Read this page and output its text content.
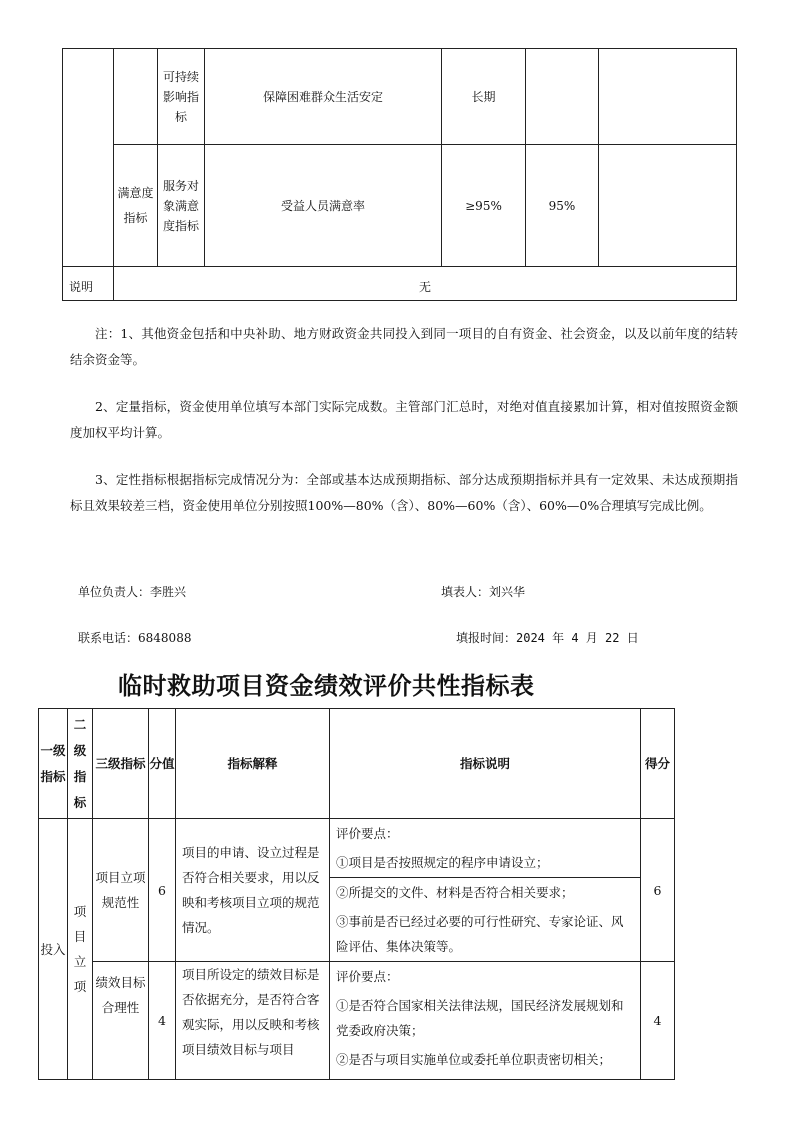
		可持续影响指标	保障困难群众生活安定	长期		
	满意度指标	服务对象满意度指标	受益人员满意率	≥95%	95%	
说明	无					
注：1、其他资金包括和中央补助、地方财政资金共同投入到同一项目的自有资金、社会资金，以及以前年度的结转结余资金等。
2、定量指标，资金使用单位填写本部门实际完成数。主管部门汇总时，对绝对值直接累加计算，相对值按照资金额度加权平均计算。
3、定性指标根据指标完成情况分为：全部或基本达成预期指标、部分达成预期指标并具有一定效果、未达成预期指标且效果较差三档，资金使用单位分别按照100%—80%（含）、80%—60%（含）、60%—0%合理填写完成比例。
单位负责人：李胜兴	填表人：刘兴华
联系电话：6848088	填报时间：2024 年 4 月 22 日
临时救助项目资金绩效评价共性指标表
一级指标	二级指标	三级指标	分值	指标解释	指标说明	得分
投入	项目立项	项目立项规范性	6	项目的申请、设立过程是否符合相关要求，用以反映和考核项目立项的规范情况。	评价要点：
①项目是否按照规定的程序申请设立；
②所提交的文件、材料是否符合相关要求；
③事前是否已经过必要的可行性研究、专家论证、风险评估、集体决策等。	6
		绩效目标合理性	4	项目所设定的绩效目标是否依据充分，是否符合客观实际，用以反映和考核项目绩效目标与项目	评价要点：
①是否符合国家相关法律法规，国民经济发展规划和党委政府决策；
②是否与项目实施单位或委托单位职责密切相关；	4
